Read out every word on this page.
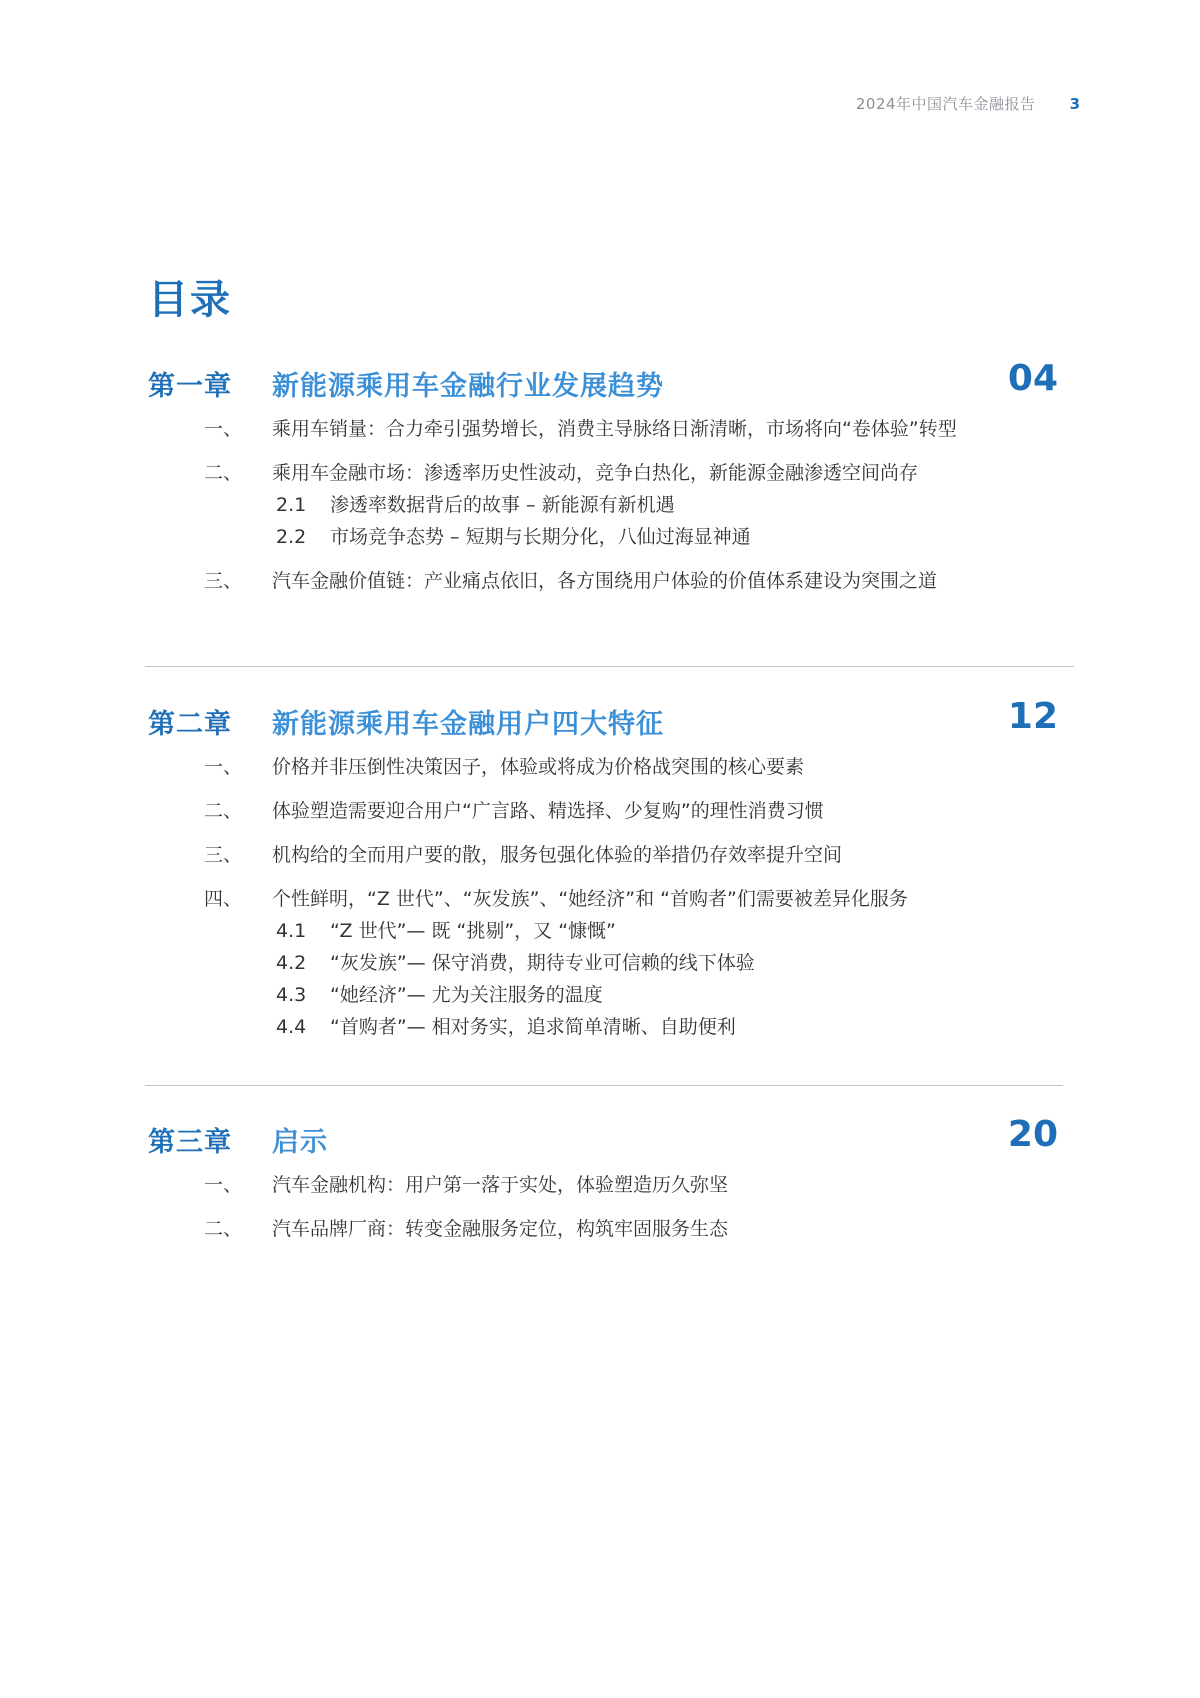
2024年中国汽车金融报告 3
目录
第一章 新能源乘用车金融行业发展趋势	04
一、	乘用车销量：合力牵引强势增长，消费主导脉络日渐清晰，市场将向“卷体验”转型
二、	乘用车金融市场：渗透率历史性波动，竞争白热化，新能源金融渗透空间尚存
2.1	渗透率数据背后的故事 – 新能源有新机遇
2.2	市场竞争态势 – 短期与长期分化，八仙过海显神通
三、	汽车金融价值链：产业痛点依旧，各方围绕用户体验的价值体系建设为突围之道
第二章 新能源乘用车金融用户四大特征	12
一、	价格并非压倒性决策因子，体验或将成为价格战突围的核心要素
二、	体验塑造需要迎合用户“广言路、精选择、少复购”的理性消费习惯
三、	机构给的全而用户要的散，服务包强化体验的举措仍存效率提升空间
四、	个性鲜明，“Z 世代”、“灰发族”、“她经济”和 “首购者”们需要被差异化服务
4.1	“Z 世代”— 既 “挑剔”，又 “慷慨”
4.2	“灰发族”— 保守消费，期待专业可信赖的线下体验
4.3	“她经济”— 尤为关注服务的温度
4.4	“首购者”— 相对务实，追求简单清晰、自助便利
第三章 启示	20
一、	汽车金融机构：用户第一落于实处，体验塑造历久弥坚
二、	汽车品牌厂商：转变金融服务定位，构筑牢固服务生态
